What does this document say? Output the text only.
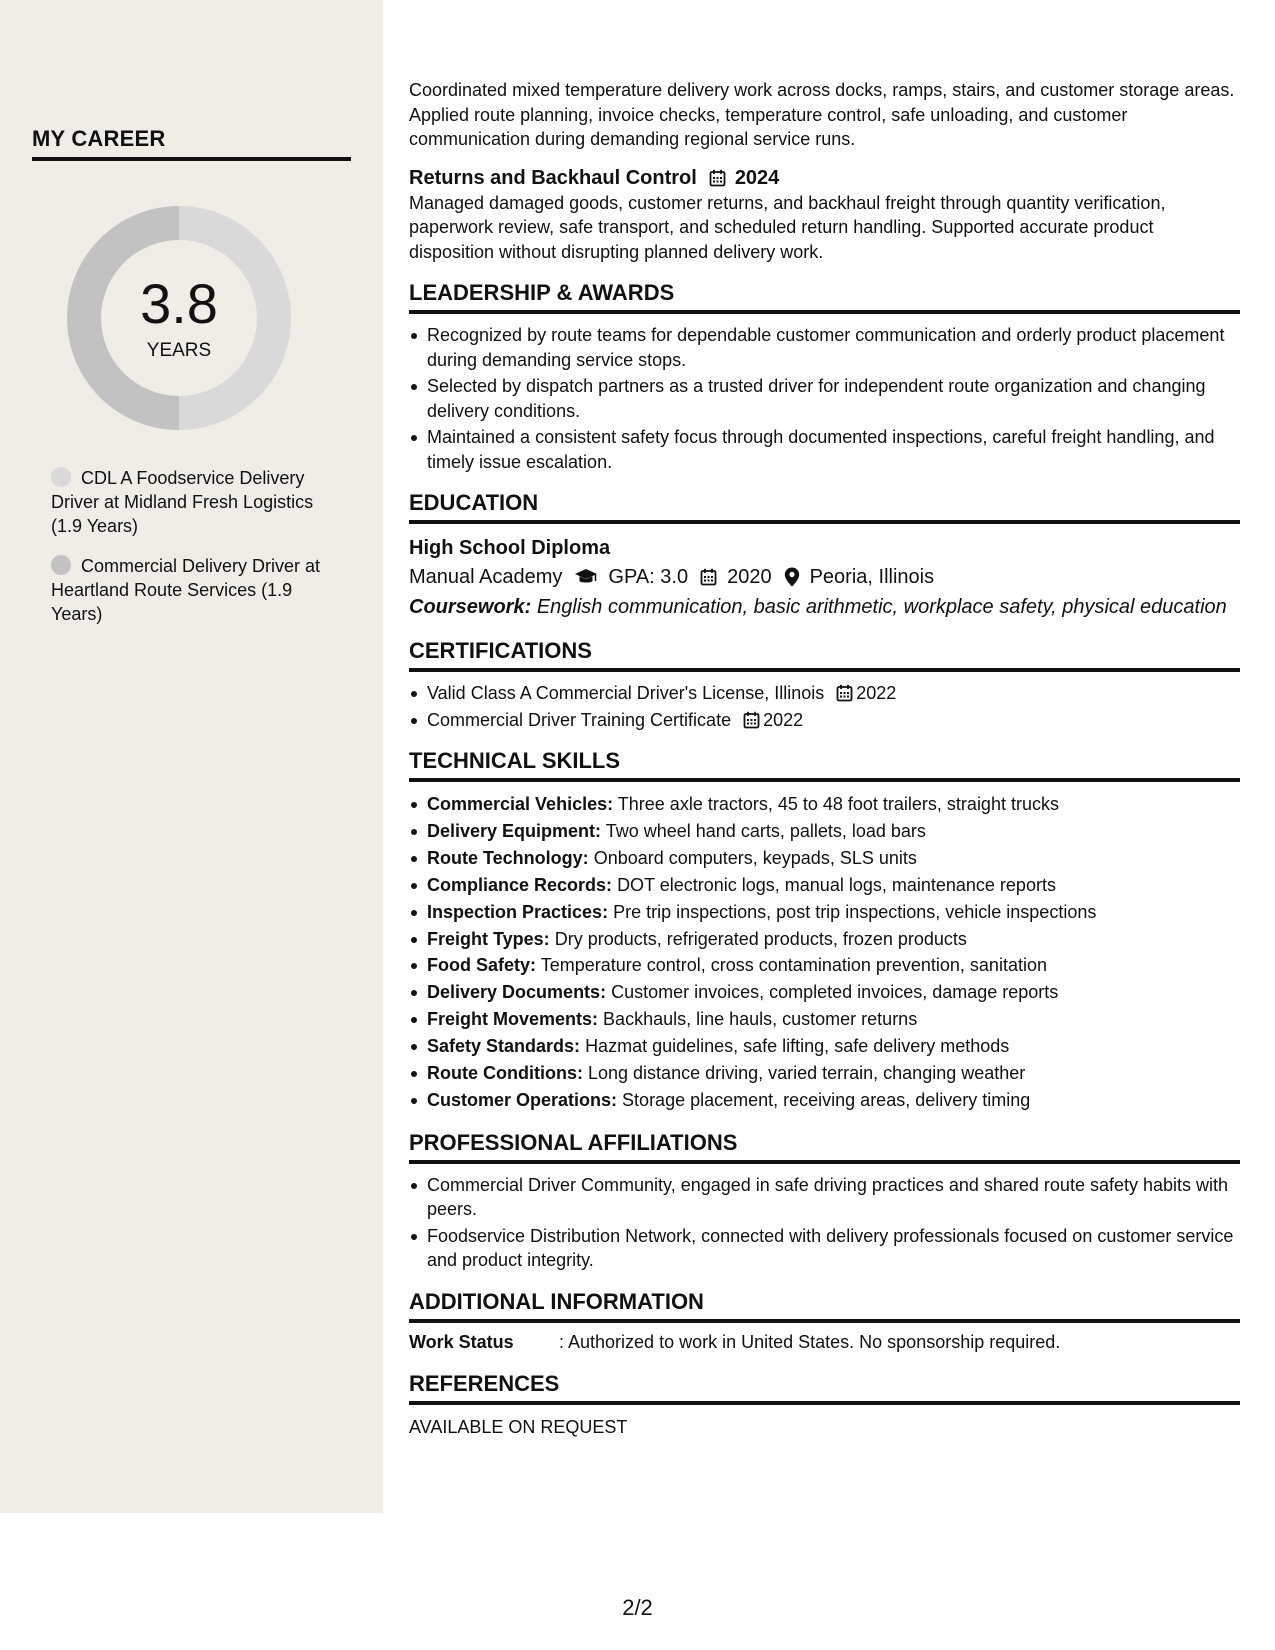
MY CAREER
3.8
YEARS
CDL A Foodservice Delivery Driver at Midland Fresh Logistics (1.9 Years)
Commercial Delivery Driver at Heartland Route Services (1.9 Years)

Coordinated mixed temperature delivery work across docks, ramps, stairs, and customer storage areas. Applied route planning, invoice checks, temperature control, safe unloading, and customer communication during demanding regional service runs.

Returns and Backhaul Control 2024

Managed damaged goods, customer returns, and backhaul freight through quantity verification, paperwork review, safe transport, and scheduled return handling. Supported accurate product disposition without disrupting planned delivery work.

LEADERSHIP & AWARDS
Recognized by route teams for dependable customer communication and orderly product placement during demanding service stops.
Selected by dispatch partners as a trusted driver for independent route organization and changing delivery conditions.
Maintained a consistent safety focus through documented inspections, careful freight handling, and timely issue escalation.
EDUCATION
High School Diploma
Manual Academy GPA: 3.0 2020 Peoria, Illinois
Coursework: English communication, basic arithmetic, workplace safety, physical education
CERTIFICATIONS
Valid Class A Commercial Driver's License, Illinois 2022
Commercial Driver Training Certificate 2022
TECHNICAL SKILLS
Commercial Vehicles: Three axle tractors, 45 to 48 foot trailers, straight trucks
Delivery Equipment: Two wheel hand carts, pallets, load bars
Route Technology: Onboard computers, keypads, SLS units
Compliance Records: DOT electronic logs, manual logs, maintenance reports
Inspection Practices: Pre trip inspections, post trip inspections, vehicle inspections
Freight Types: Dry products, refrigerated products, frozen products
Food Safety: Temperature control, cross contamination prevention, sanitation
Delivery Documents: Customer invoices, completed invoices, damage reports
Freight Movements: Backhauls, line hauls, customer returns
Safety Standards: Hazmat guidelines, safe lifting, safe delivery methods
Route Conditions: Long distance driving, varied terrain, changing weather
Customer Operations: Storage placement, receiving areas, delivery timing
PROFESSIONAL AFFILIATIONS
Commercial Driver Community, engaged in safe driving practices and shared route safety habits with peers.
Foodservice Distribution Network, connected with delivery professionals focused on customer service and product integrity.
ADDITIONAL INFORMATION
Work Status	: Authorized to work in United States. No sponsorship required.
REFERENCES
AVAILABLE ON REQUEST
2/2
